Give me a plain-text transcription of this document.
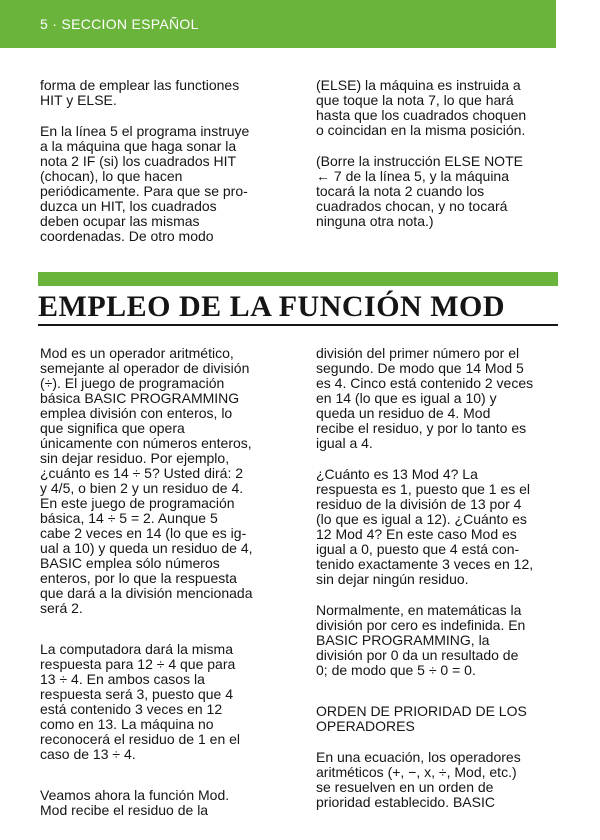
5 · SECCION ESPAÑOL

forma de emplear las functiones
HIT y ELSE.

En la línea 5 el programa instruye
a la máquina que haga sonar la
nota 2 IF (si) los cuadrados HIT
(chocan), lo que hacen
periódicamente. Para que se pro-
duzca un HIT, los cuadrados
deben ocupar las mismas
coordenadas. De otro modo

(ELSE) la máquina es instruida a
que toque la nota 7, lo que hará
hasta que los cuadrados choquen
o coincidan en la misma posición.

(Borre la instrucción ELSE NOTE
← 7 de la línea 5, y la máquina
tocará la nota 2 cuando los
cuadrados chocan, y no tocará
ninguna otra nota.)

EMPLEO DE LA FUNCIÓN MOD

Mod es un operador aritmético,
semejante al operador de división
(÷). El juego de programación
básica BASIC PROGRAMMING
emplea división con enteros, lo
que significa que opera
únicamente con números enteros,
sin dejar residuo. Por ejemplo,
¿cuánto es 14 ÷ 5? Usted dirá: 2
y 4/5, o bien 2 y un residuo de 4.
En este juego de programación
básica, 14 ÷ 5 = 2. Aunque 5
cabe 2 veces en 14 (lo que es ig-
ual a 10) y queda un residuo de 4,
BASIC emplea sólo números
enteros, por lo que la respuesta
que dará a la división mencionada
será 2.

La computadora dará la misma
respuesta para 12 ÷ 4 que para
13 ÷ 4. En ambos casos la
respuesta será 3, puesto que 4
está contenido 3 veces en 12
como en 13. La máquina no
reconocerá el residuo de 1 en el
caso de 13 ÷ 4.

Veamos ahora la función Mod.
Mod recibe el residuo de la

división del primer número por el
segundo. De modo que 14 Mod 5
es 4. Cinco está contenido 2 veces
en 14 (lo que es igual a 10) y
queda un residuo de 4. Mod
recibe el residuo, y por lo tanto es
igual a 4.

¿Cuánto es 13 Mod 4? La
respuesta es 1, puesto que 1 es el
residuo de la división de 13 por 4
(lo que es igual a 12). ¿Cuánto es
12 Mod 4? En este caso Mod es
igual a 0, puesto que 4 está con-
tenido exactamente 3 veces en 12,
sin dejar ningún residuo.

Normalmente, en matemáticas la
división por cero es indefinida. En
BASIC PROGRAMMING, la
división por 0 da un resultado de
0; de modo que 5 ÷ 0 = 0.

ORDEN DE PRIORIDAD DE LOS
OPERADORES

En una ecuación, los operadores
aritméticos (+, −, x, ÷, Mod, etc.)
se resuelven en un orden de
prioridad establecido. BASIC
